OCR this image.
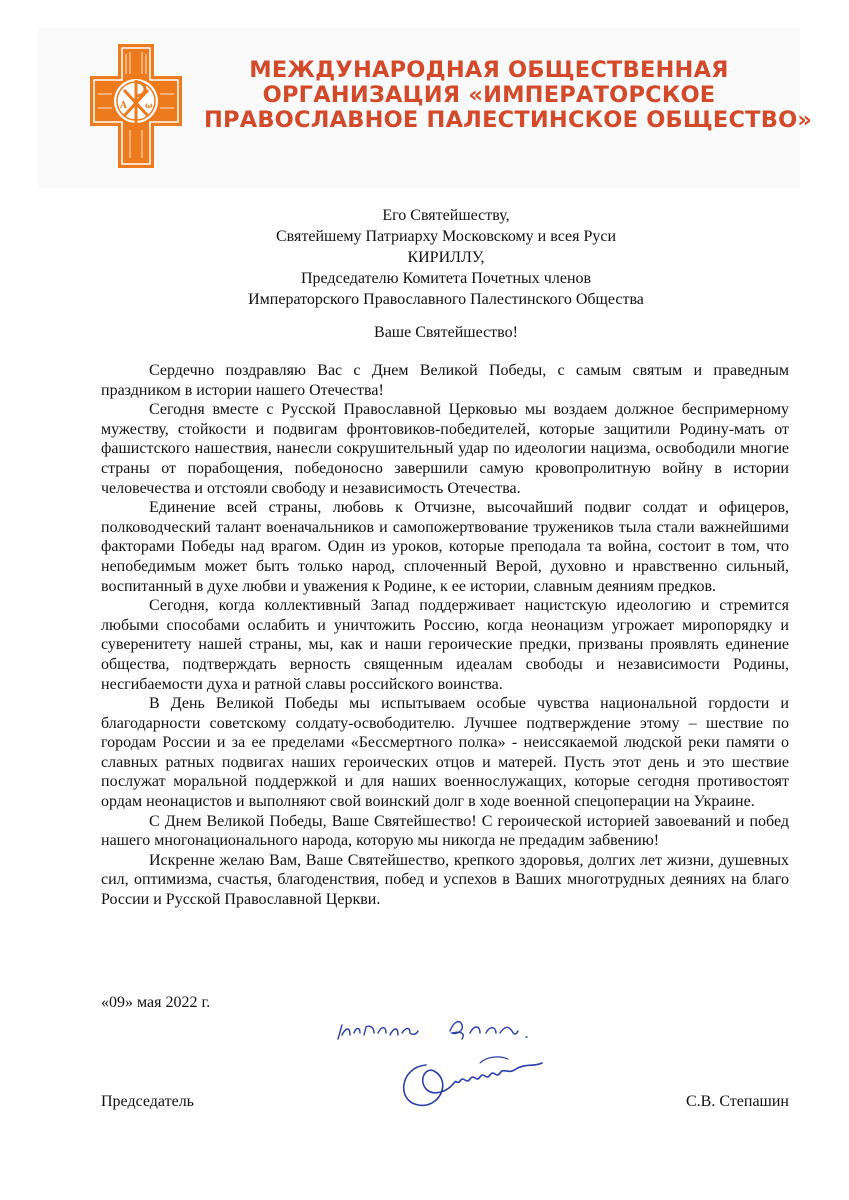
A ω
МЕЖДУНАРОДНАЯ ОБЩЕСТВЕННАЯ
ОРГАНИЗАЦИЯ «ИМПЕРАТОРСКОЕ
ПРАВОСЛАВНОЕ ПАЛЕСТИНСКОЕ ОБЩЕСТВО»
Его Святейшеству,
Святейшему Патриарху Московскому и всея Руси
КИРИЛЛУ,
Председателю Комитета Почетных членов
Императорского Православного Палестинского Общества
Ваше Святейшество!

Сердечно поздравляю Вас с Днем Великой Победы, с самым святым и праведным праздником в истории нашего Отечества!

Сегодня вместе с Русской Православной Церковью мы воздаем должное беспримерному мужеству, стойкости и подвигам фронтовиков-победителей, которые защитили Родину-мать от фашистского нашествия, нанесли сокрушительный удар по идеологии нацизма, освободили многие страны от порабощения, победоносно завершили самую кровопролитную войну в истории человечества и отстояли свободу и независимость Отечества.

Единение всей страны, любовь к Отчизне, высочайший подвиг солдат и офицеров, полководческий талант военачальников и самопожертвование тружеников тыла стали важнейшими факторами Победы над врагом. Один из уроков, которые преподала та война, состоит в том, что непобедимым может быть только народ, сплоченный Верой, духовно и нравственно сильный, воспитанный в духе любви и уважения к Родине, к ее истории, славным деяниям предков.

Сегодня, когда коллективный Запад поддерживает нацистскую идеологию и стремится любыми способами ослабить и уничтожить Россию, когда неонацизм угрожает миропорядку и суверенитету нашей страны, мы, как и наши героические предки, призваны проявлять единение общества, подтверждать верность священным идеалам свободы и независимости Родины, несгибаемости духа и ратной славы российского воинства.

В День Великой Победы мы испытываем особые чувства национальной гордости и благодарности советскому солдату-освободителю. Лучшее подтверждение этому – шествие по городам России и за ее пределами «Бессмертного полка» - неиссякаемой людской реки памяти о славных ратных подвигах наших героических отцов и матерей. Пусть этот день и это шествие послужат моральной поддержкой и для наших военнослужащих, которые сегодня противостоят ордам неонацистов и выполняют свой воинский долг в ходе военной спецоперации на Украине.

С Днем Великой Победы, Ваше Святейшество! С героической историей завоеваний и побед нашего многонационального народа, которую мы никогда не предадим забвению!

Искренне желаю Вам, Ваше Святейшество, крепкого здоровья, долгих лет жизни, душевных сил, оптимизма, счастья, благоденствия, побед и успехов в Ваших многотрудных деяниях на благо России и Русской Православной Церкви.

«09» мая 2022 г.
Председатель	С.В. Степашин
